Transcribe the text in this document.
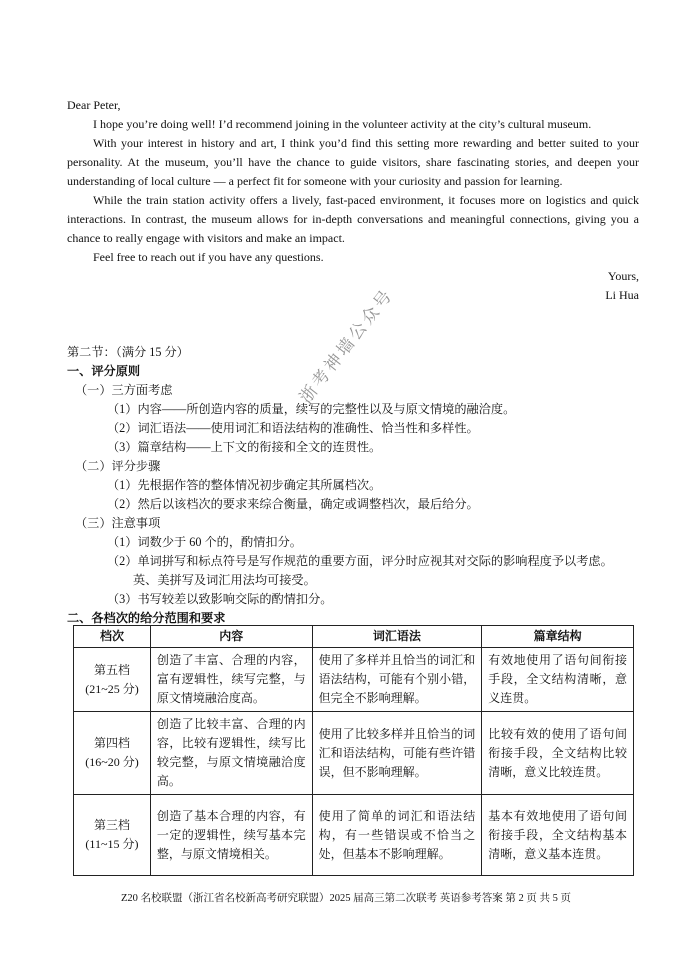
Dear Peter,

I hope you’re doing well! I’d recommend joining in the volunteer activity at the city’s cultural museum.

With your interest in history and art, I think you’d find this setting more rewarding and better suited to your personality. At the museum, you’ll have the chance to guide visitors, share fascinating stories, and deepen your understanding of local culture — a perfect fit for someone with your curiosity and passion for learning.

While the train station activity offers a lively, fast-paced environment, it focuses more on logistics and quick interactions. In contrast, the museum allows for in-depth conversations and meaningful connections, giving you a chance to really engage with visitors and make an impact.

Feel free to reach out if you have any questions.

Yours,

Li Hua

第二节：（满分 15 分）
一、评分原则
（一）三方面考虑
（1）内容——所创造内容的质量，续写的完整性以及与原文情境的融洽度。
（2）词汇语法——使用词汇和语法结构的准确性、恰当性和多样性。
（3）篇章结构——上下文的衔接和全文的连贯性。
（二）评分步骤
（1）先根据作答的整体情况初步确定其所属档次。
（2）然后以该档次的要求来综合衡量，确定或调整档次，最后给分。
（三）注意事项
（1）词数少于 60 个的，酌情扣分。
（2）单词拼写和标点符号是写作规范的重要方面，评分时应视其对交际的影响程度予以考虑。
英、美拼写及词汇用法均可接受。
（3）书写较差以致影响交际的酌情扣分。
二、各档次的给分范围和要求
档次	内容	词汇语法	篇章结构

第五档
(21~25 分)	创造了丰富、合理的内容，富有逻辑性，续写完整，与原文情境融洽度高。	使用了多样并且恰当的词汇和语法结构，可能有个别小错，但完全不影响理解。	有效地使用了语句间衔接手段，全文结构清晰，意义连贯。

第四档
(16~20 分)	创造了比较丰富、合理的内容，比较有逻辑性，续写比较完整，与原文情境融洽度高。	使用了比较多样并且恰当的词汇和语法结构，可能有些许错误，但不影响理解。	比较有效的使用了语句间衔接手段，全文结构比较清晰，意义比较连贯。

第三档
(11~15 分)	创造了基本合理的内容，有一定的逻辑性，续写基本完整，与原文情境相关。	使用了简单的词汇和语法结构，有一些错误或不恰当之处，但基本不影响理解。	基本有效地使用了语句间衔接手段，全文结构基本清晰，意义基本连贯。
浙考神墙公众号
Z20 名校联盟（浙江省名校新高考研究联盟）2025 届高三第二次联考 英语参考答案 第 2 页 共 5 页
